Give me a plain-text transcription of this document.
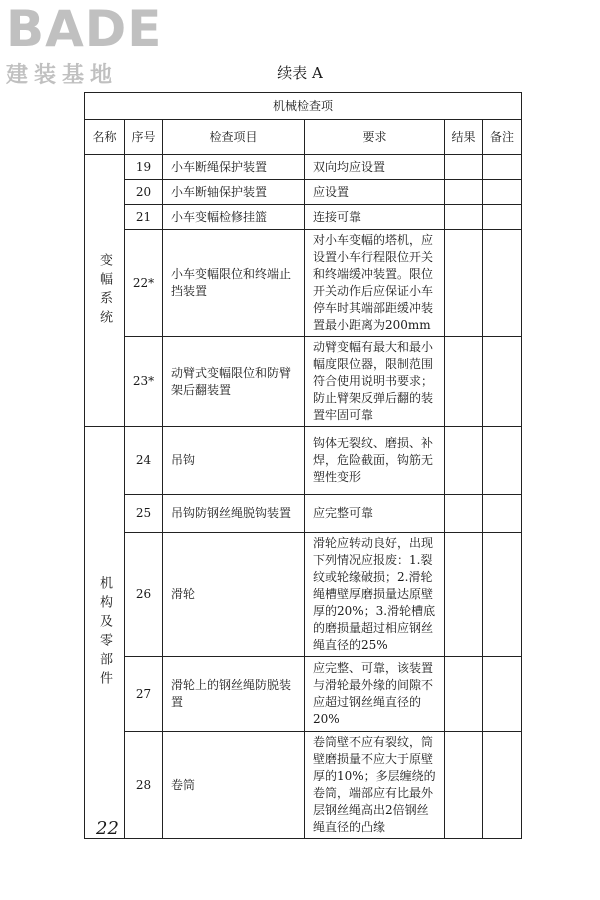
BADE
建装基地	续表 A
机械检查项					
名称	序号	检查项目	要求	结果	备注

变幅系统	19	小车断绳保护装置	双向均应设置		
	20	小车断轴保护装置	应设置		
	21	小车变幅检修挂篮	连接可靠		
	22*	小车变幅限位和终端止挡装置	对小车变幅的塔机，应设置小车行程限位开关和终端缓冲装置。限位开关动作后应保证小车停车时其端部距缓冲装置最小距离为200mm		
	23*	动臂式变幅限位和防臂架后翻装置	动臂变幅有最大和最小幅度限位器，限制范围符合使用说明书要求；防止臂架反弹后翻的装置牢固可靠		

机构及零部件	24	吊钩	钩体无裂纹、磨损、补焊，危险截面，钩筋无塑性变形		
	25	吊钩防钢丝绳脱钩装置	应完整可靠		
	26	滑轮	滑轮应转动良好，出现下列情况应报废：1.裂纹或轮缘破损；2.滑轮绳槽壁厚磨损量达原壁厚的20%；3.滑轮槽底的磨损量超过相应钢丝绳直径的25%		
	27	滑轮上的钢丝绳防脱装置	应完整、可靠，该装置与滑轮最外缘的间隙不应超过钢丝绳直径的20%		
	28	卷筒	卷筒壁不应有裂纹，筒壁磨损量不应大于原壁厚的10%；多层缠绕的卷筒，端部应有比最外层钢丝绳高出2倍钢丝绳直径的凸缘		
22
